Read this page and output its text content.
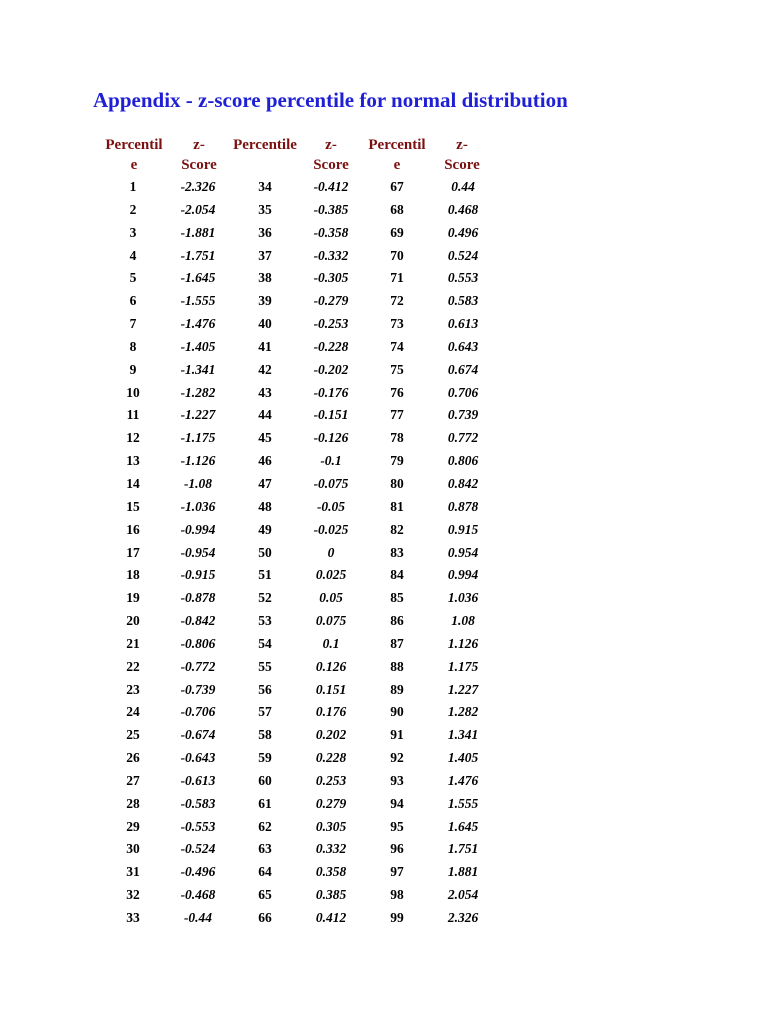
Appendix - z-score percentile for normal distribution
Percentil
e
z-
Score
Percentile	z-
Score
Percentil
e
z-
Score
1
2
3
4
5
6
7
8
9
10
11
12
13
14
15
16
17
18
19
20
21
22
23
24
25
26
27
28
29
30
31
32
33
-2.326
-2.054
-1.881
-1.751
-1.645
-1.555
-1.476
-1.405
-1.341
-1.282
-1.227
-1.175
-1.126
-1.08
-1.036
-0.994
-0.954
-0.915
-0.878
-0.842
-0.806
-0.772
-0.739
-0.706
-0.674
-0.643
-0.613
-0.583
-0.553
-0.524
-0.496
-0.468
-0.44
34
35
36
37
38
39
40
41
42
43
44
45
46
47
48
49
50
51
52
53
54
55
56
57
58
59
60
61
62
63
64
65
66
-0.412
-0.385
-0.358
-0.332
-0.305
-0.279
-0.253
-0.228
-0.202
-0.176
-0.151
-0.126
-0.1
-0.075
-0.05
-0.025
0
0.025
0.05
0.075
0.1
0.126
0.151
0.176
0.202
0.228
0.253
0.279
0.305
0.332
0.358
0.385
0.412
67
68
69
70
71
72
73
74
75
76
77
78
79
80
81
82
83
84
85
86
87
88
89
90
91
92
93
94
95
96
97
98
99
0.44
0.468
0.496
0.524
0.553
0.583
0.613
0.643
0.674
0.706
0.739
0.772
0.806
0.842
0.878
0.915
0.954
0.994
1.036
1.08
1.126
1.175
1.227
1.282
1.341
1.405
1.476
1.555
1.645
1.751
1.881
2.054
2.326
